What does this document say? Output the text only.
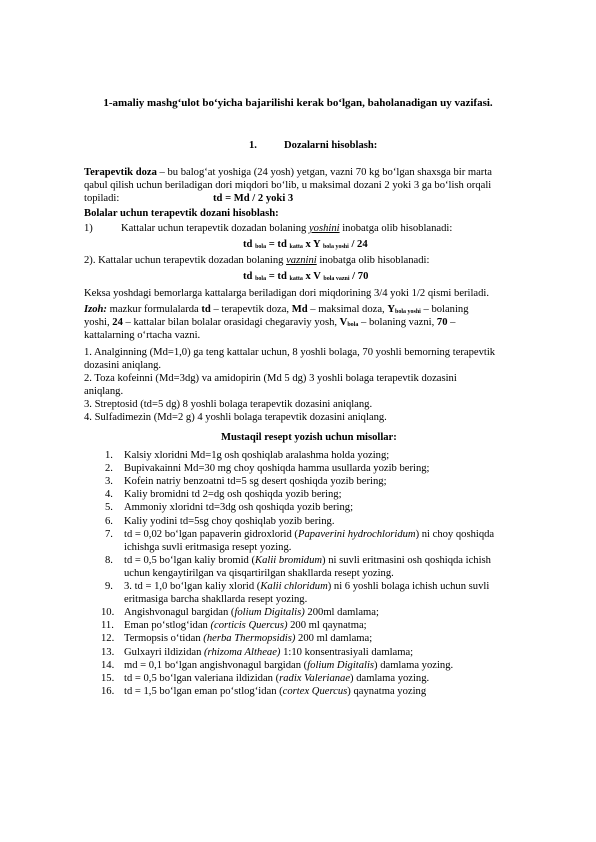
1-amaliy mashg‘ulot bo‘yicha bajarilishi kerak bo‘lgan, baholanadigan uy vazifasi.
1.	Dozalarni hisoblash:
Terapevtik doza – bu balog‘at yoshiga (24 yosh) yetgan, vazni 70 kg bo‘lgan shaxsga bir marta
qabul qilish uchun beriladigan dori miqdori bo‘lib, u maksimal dozani 2 yoki 3 ga bo‘lish orqali
topiladi:	td = Md / 2 yoki 3
Bolalar uchun terapevtik dozani hisoblash:
1)	Kattalar uchun terapevtik dozadan bolaning yoshini inobatga olib hisoblanadi:
td $_{bola}$ = td $_{katta}$ x Y $_{bola yoshi}$ / 24
2). Kattalar uchun terapevtik dozadan bolaning vaznini inobatga olib hisoblanadi:
td $_{bola}$ = td $_{katta}$ x V $_{bola vazni}$ / 70
Keksa yoshdagi bemorlarga kattalarga beriladigan dori miqdorining 3/4 yoki 1/2 qismi beriladi.
Izoh: mazkur formulalarda td – terapevtik doza, Md – maksimal doza, $Y_{bola yoshi}$ – bolaning
yoshi, 24 – kattalar bilan bolalar orasidagi chegaraviy yosh, $V_{bola}$ – bolaning vazni, 70 –
kattalarning o‘rtacha vazni.
1. Analginning (Md=1,0) ga teng kattalar uchun, 8 yoshli bolaga, 70 yoshli bemorning terapevtik
dozasini aniqlang.
2. Toza kofeinni (Md=3dg) va amidopirin (Md 5 dg) 3 yoshli bolaga terapevtik dozasini
aniqlang.
3. Streptosid (td=5 dg) 8 yoshli bolaga terapevtik dozasini aniqlang.
4. Sulfadimezin (Md=2 g) 4 yoshli bolaga terapevtik dozasini aniqlang.
Mustaqil resept yozish uchun misollar:
1. Kalsiy xloridni Md=1g osh qoshiqlab aralashma holda yozing;
2. Bupivakainni Md=30 mg choy qoshiqda hamma usullarda yozib bering;
3. Kofein natriy benzoatni td=5 sg desert qoshiqda yozib bering;
4. Kaliy bromidni td 2=dg osh qoshiqda yozib bering;
5. Ammoniy xloridni td=3dg osh qoshiqda yozib bering;
6. Kaliy yodini td=5sg choy qoshiqlab yozib bering.
7. td = 0,02 bo‘lgan papaverin gidroxlorid (Papaverini hydrochloridum) ni choy qoshiqda
ichishga suvli eritmasiga resept yozing.
8. td = 0,5 bo‘lgan kaliy bromid (Kalii bromidum) ni suvli eritmasini osh qoshiqda ichish
uchun kengaytirilgan va qisqartirilgan shakllarda resept yozing.
9. 3. td = 1,0 bo‘lgan kaliy xlorid (Kalii chloridum) ni 6 yoshli bolaga ichish uchun suvli
eritmasiga barcha shakllarda resept yozing.
10. Angishvonagul bargidan (folium Digitalis) 200ml damlama;
11. Eman po‘stlog‘idan (corticis Quercus) 200 ml qaynatma;
12. Termopsis o‘tidan (herba Thermopsidis) 200 ml damlama;
13. Gulxayri ildizidan (rhizoma Altheae) 1:10 konsentrasiyali damlama;
14. md = 0,1 bo‘lgan angishvonagul bargidan (folium Digitalis) damlama yozing.
15. td = 0,5 bo‘lgan valeriana ildizidan (radix Valerianae) damlama yozing.
16. td = 1,5 bo‘lgan eman po‘stlog‘idan (cortex Quercus) qaynatma yozing
